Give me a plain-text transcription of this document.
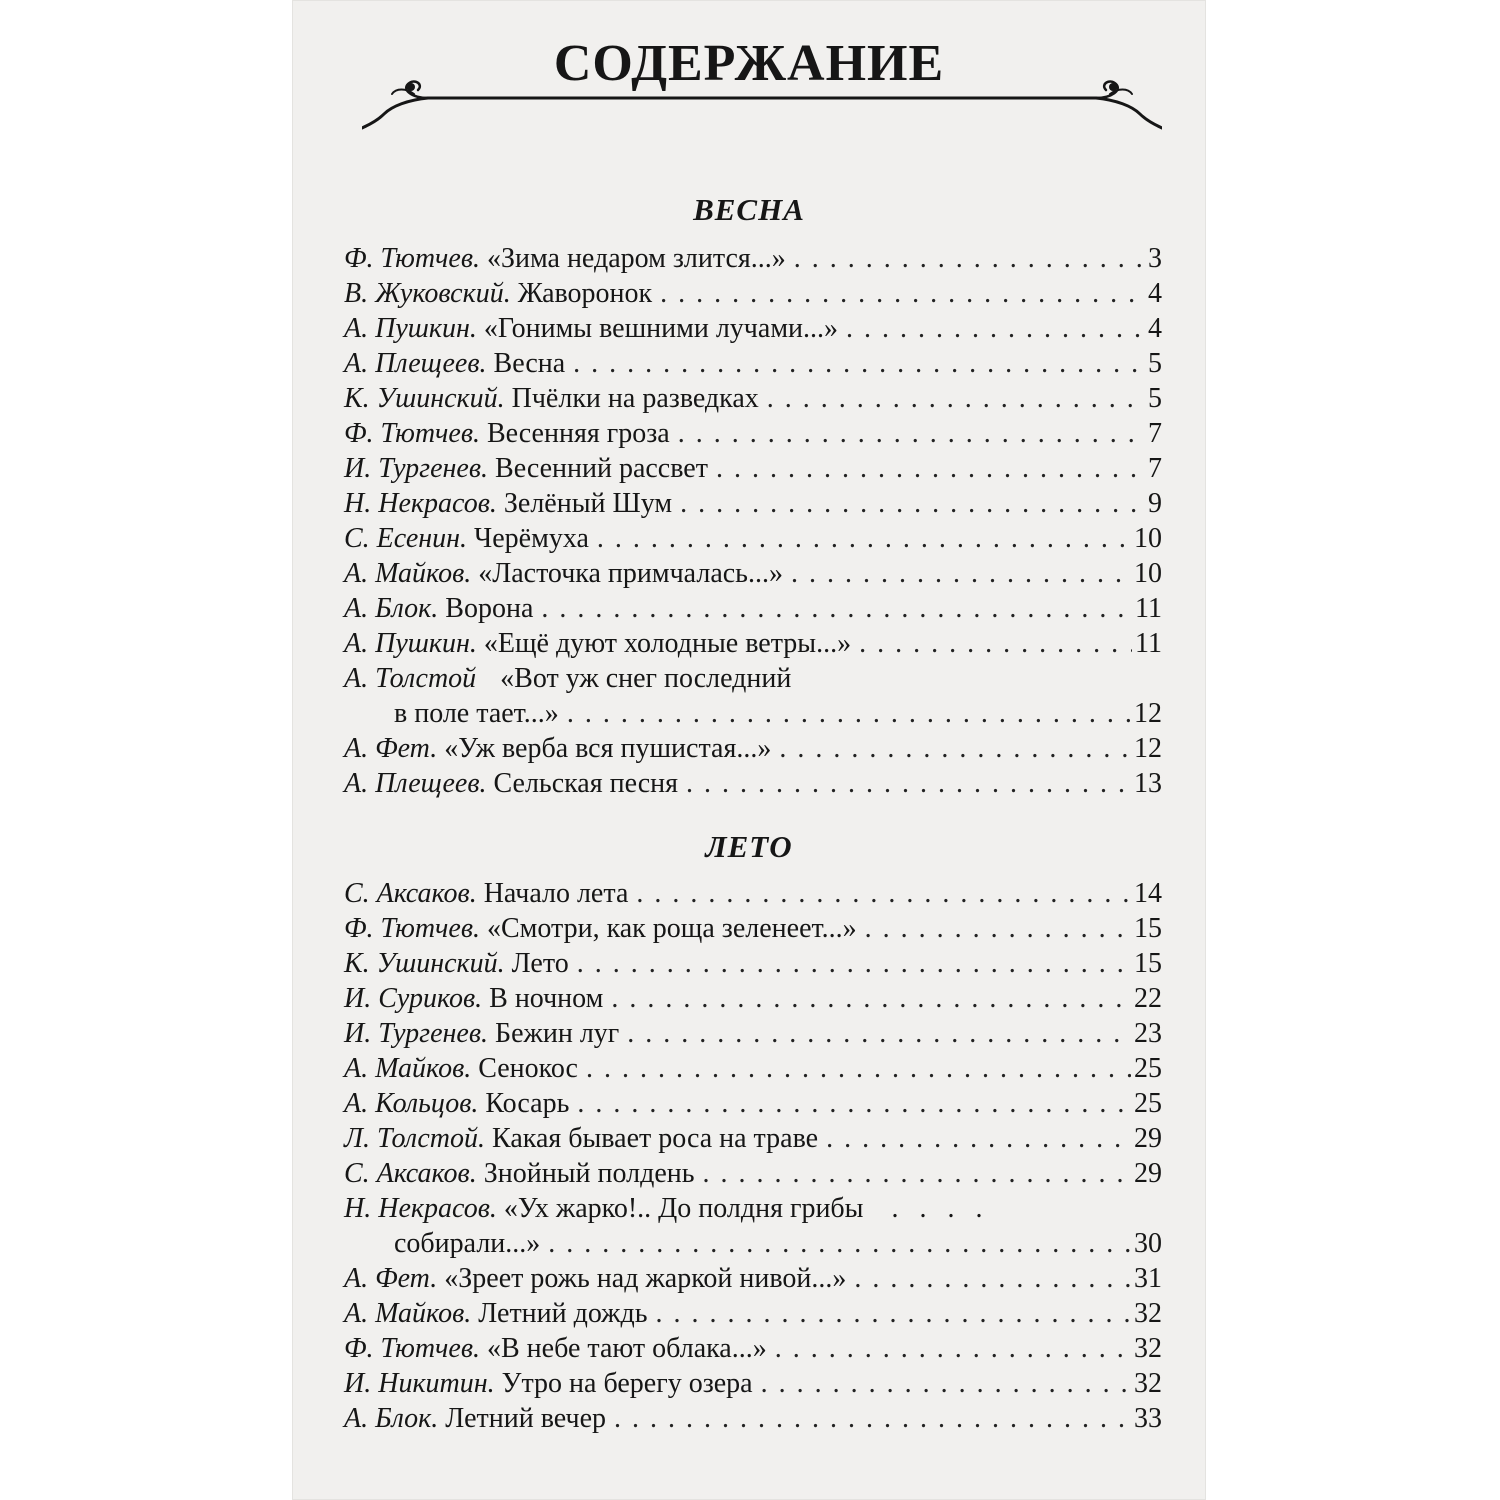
СОДЕРЖАНИЕ
ВЕСНА
Ф. Тютчев. «Зима недаром злится...» . . .	3
В. Жуковский. Жаворонок . . .	4
А. Пушкин. «Гонимы вешними лучами...» . . .	4
А. Плещеев. Весна . . .	5
К. Ушинский. Пчёлки на разведках . . .	5
Ф. Тютчев. Весенняя гроза . . .	7
И. Тургенев. Весенний рассвет . . .	7
Н. Некрасов. Зелёный Шум . . .	9
С. Есенин. Черёмуха . . .	10
А. Майков. «Ласточка примчалась...» . . .	10
А. Блок. Ворона . . .	11
А. Пушкин. «Ещё дуют холодные ветры...» . . .	11
А. Толстой «Вот уж снег последний
в поле тает...» . . .	12
А. Фет. «Уж верба вся пушистая...» . . .	12
А. Плещеев. Сельская песня . . .	13
ЛЕТО
С. Аксаков. Начало лета . . .	14
Ф. Тютчев. «Смотри, как роща зеленеет...» . . .	15
К. Ушинский. Лето . . .	15
И. Суриков. В ночном . . .	22
И. Тургенев. Бежин луг . . .	23
А. Майков. Сенокос . . .	25
А. Кольцов. Косарь . . .	25
Л. Толстой. Какая бывает роса на траве . . .	29
С. Аксаков. Знойный полдень . . .	29
Н. Некрасов. «Ух жарко!.. До полдня грибы . . . .
собирали...» . . .	30
А. Фет. «Зреет рожь над жаркой нивой...» . . .	31
А. Майков. Летний дождь . . .	32
Ф. Тютчев. «В небе тают облака...» . . .	32
И. Никитин. Утро на берегу озера . . .	32
А. Блок. Летний вечер . . .	33
